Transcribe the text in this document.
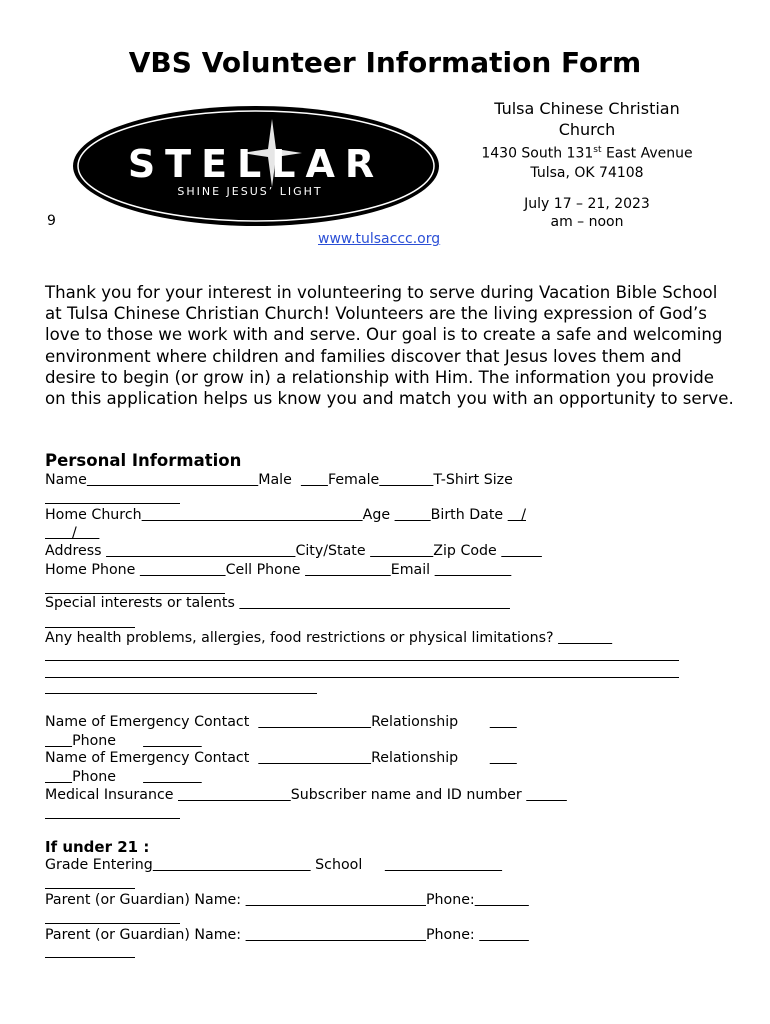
VBS Volunteer Information Form
STELLAR
SHINE JESUS’ LIGHT
Tulsa Chinese Christian Church
1430 South 131st East Avenue
Tulsa, OK 74108
July 17 – 21, 2023
am – noon
9
www.tulsaccc.org
Thank you for your interest in volunteering to serve during Vacation Bible School at Tulsa Chinese Christian Church! Volunteers are the living expression of God’s love to those we work with and serve. Our goal is to create a safe and welcoming environment where children and families discover that Jesus loves them and desire to begin (or grow in) a relationship with Him. The information you provide on this application helps us know you and match you with an opportunity to serve.
Personal Information
Name	Male	Female	T-Shirt Size
Home Church	Age	Birth Date    /
/
Address	City/State	Zip Code
Home Phone	Cell Phone	Email
Special interests or talents
Any health problems, allergies, food restrictions or physical limitations?
Name of Emergency Contact	Relationship
Phone
Name of Emergency Contact	Relationship
Phone
Medical Insurance	Subscriber name and ID number
If under 21 :
Grade Entering	School
Parent (or Guardian) Name:	Phone:
Parent (or Guardian) Name:	Phone:
